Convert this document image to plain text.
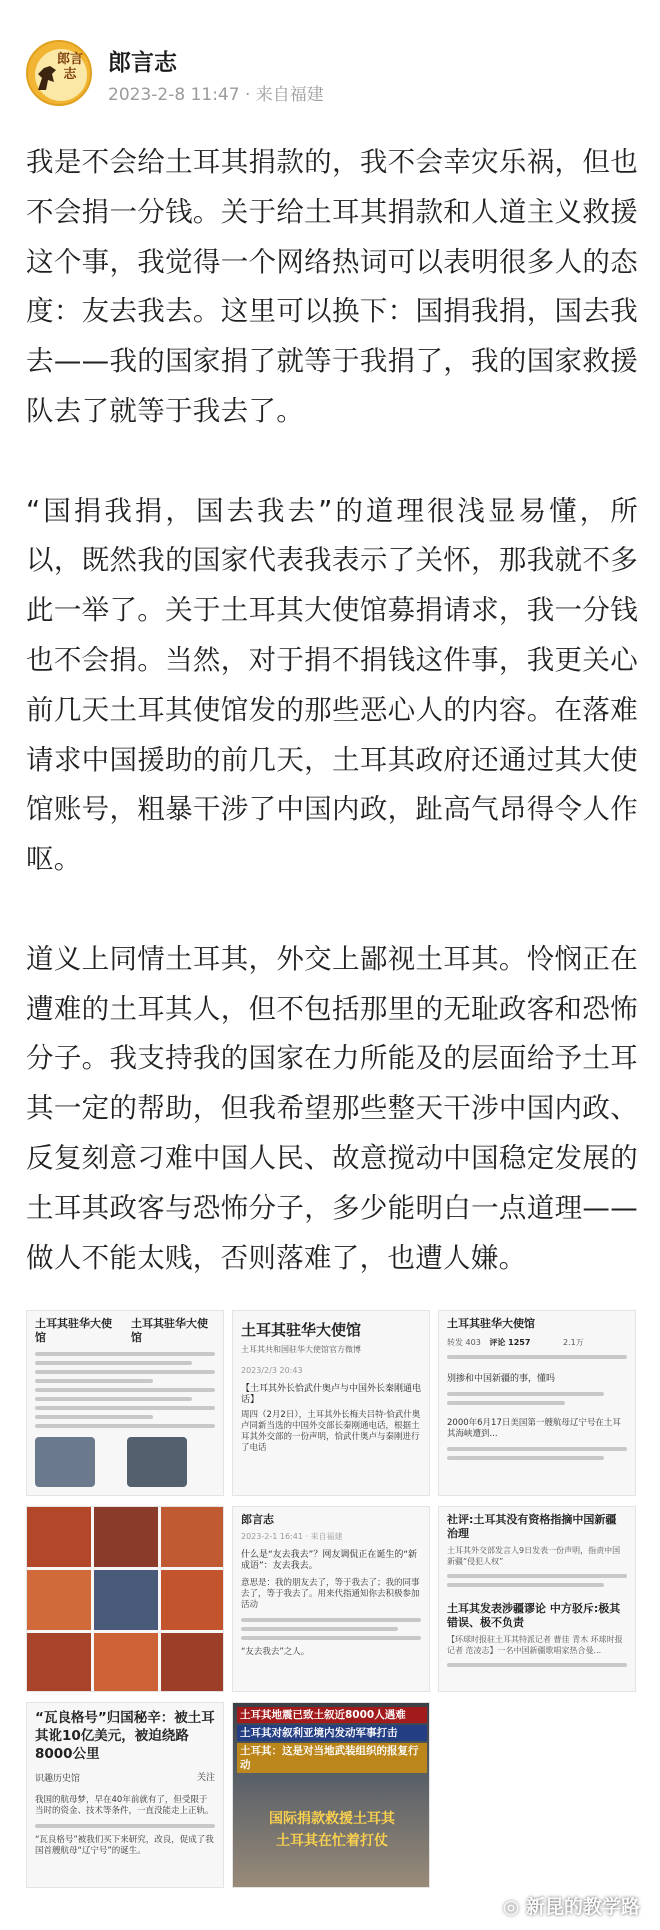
郎言志	郎言志
2023-2-8 11:47 · 来自福建

我是不会给土耳其捐款的，我不会幸灾乐祸，但也不会捐一分钱。关于给土耳其捐款和人道主义救援这个事，我觉得一个网络热词可以表明很多人的态度：友去我去。这里可以换下：国捐我捐，国去我去——我的国家捐了就等于我捐了，我的国家救援队去了就等于我去了。

“国捐我捐，国去我去”的道理很浅显易懂，所以，既然我的国家代表我表示了关怀，那我就不多此一举了。关于土耳其大使馆募捐请求，我一分钱也不会捐。当然，对于捐不捐钱这件事，我更关心前几天土耳其使馆发的那些恶心人的内容。在落难请求中国援助的前几天，土耳其政府还通过其大使馆账号，粗暴干涉了中国内政，趾高气昂得令人作呕。

道义上同情土耳其，外交上鄙视土耳其。怜悯正在遭难的土耳其人，但不包括那里的无耻政客和恐怖分子。我支持我的国家在力所能及的层面给予土耳其一定的帮助，但我希望那些整天干涉中国内政、反复刻意刁难中国人民、故意搅动中国稳定发展的土耳其政客与恐怖分子，多少能明白一点道理——做人不能太贱，否则落难了，也遭人嫌。

土耳其驻华大使馆土耳其驻华大使馆	土耳其驻华大使馆
土耳其共和国驻华大使馆官方微博
2023/2/3 20:43
【土耳其外长恰武什奥卢与中国外长秦刚通电话】
周四（2月2日），土耳其外长梅夫吕特·恰武什奥卢同新当选的中国外交部长秦刚通电话，根据土耳其外交部的一份声明，恰武什奥卢与秦刚进行了电话
土耳其驻华大使馆
转发 403 评论 1257	2.1万
别掺和中国新疆的事，懂吗
2000年6月17日美国第一艘航母辽宁号在土耳其海峡遭到...
郎言志
2023-2-1 16:41 · 来自福建
什么是“友去我去”？网友调侃正在诞生的“新成语”：友去我去。
意思是：我的朋友去了，等于我去了；我的同事去了，等于我去了。用来代指通知你去积极参加活动
“友去我去”之人。
社评:土耳其没有资格指摘中国新疆治理
土耳其外交部发言人9日发表一份声明，指责中国新疆“侵犯人权”
土耳其发表涉疆谬论 中方驳斥:极其错误、极不负责
【环球时报驻土耳其特派记者 曹佳 青木 环球时报记者 范凌志】一名中国新疆歌唱家热合曼...
“瓦良格号”归国秘辛：被土耳其讹10亿美元，被迫绕路8000公里
识趣历史馆	关注
我国的航母梦，早在40年前就有了，但受限于当时的资金、技术等条件，一直没能走上正轨。
“瓦良格号”被我们买下来研究，改良，促成了我国首艘航母“辽宁号”的诞生。
土耳其地震已致土叙近8000人遇难
土耳其对叙利亚境内发动军事打击
土耳其：这是对当地武装组织的报复行动
国际捐款救援土耳其
土耳其在忙着打仗
◎ 新昆的教学路
